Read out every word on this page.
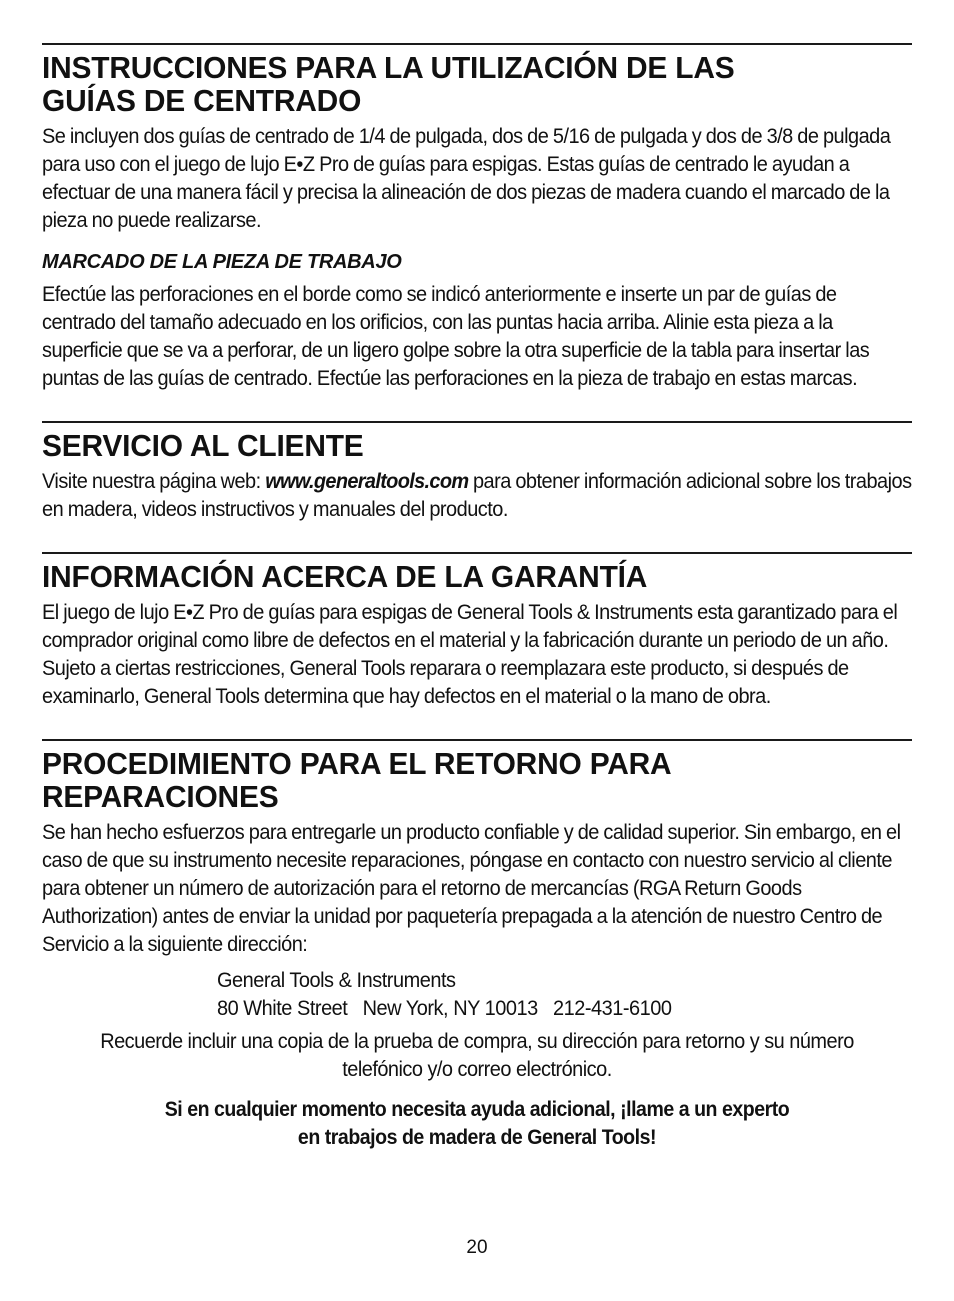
INSTRUCCIONES PARA LA UTILIZACIÓN DE LAS
GUÍAS DE CENTRADO

Se incluyen dos guías de centrado de 1/4 de pulgada, dos de 5/16 de pulgada y dos de 3/8 de pulgada para uso con el juego de lujo E•Z Pro de guías para espigas. Estas guías de centrado le ayudan a efectuar de una manera fácil y precisa la alineación de dos piezas de madera cuando el marcado de la pieza no puede realizarse.

MARCADO DE LA PIEZA DE TRABAJO

Efectúe las perforaciones en el borde como se indicó anteriormente e inserte un par de guías de centrado del tamaño adecuado en los orificios, con las puntas hacia arriba. Alinie esta pieza a la superficie que se va a perforar, de un ligero golpe sobre la otra superficie de la tabla para insertar las puntas de las guías de centrado. Efectúe las perforaciones en la pieza de trabajo en estas marcas.

SERVICIO AL CLIENTE

Visite nuestra página web: www.generaltools.com para obtener información adicional sobre los trabajos en madera, videos instructivos y manuales del producto.

INFORMACIÓN ACERCA DE LA GARANTÍA

El juego de lujo E•Z Pro de guías para espigas de General Tools & Instruments esta garantizado para el comprador original como libre de defectos en el material y la fabricación durante un periodo de un año. Sujeto a ciertas restricciones, General Tools reparara o reemplazara este producto, si después de examinarlo, General Tools determina que hay defectos en el material o la mano de obra.

PROCEDIMIENTO PARA EL RETORNO PARA
REPARACIONES

Se han hecho esfuerzos para entregarle un producto confiable y de calidad superior. Sin embargo, en el caso de que su instrumento necesite reparaciones, póngase en contacto con nuestro servicio al cliente para obtener un número de autorización para el retorno de mercancías (RGA Return Goods Authorization) antes de enviar la unidad por paquetería prepagada a la atención de nuestro Centro de Servicio a la siguiente dirección:

General Tools & Instruments
80 White Street   New York, NY 10013   212-431-6100
Recuerde incluir una copia de la prueba de compra, su dirección para retorno y su número telefónico y/o correo electrónico.
Si en cualquier momento necesita ayuda adicional, ¡llame a un experto
en trabajos de madera de General Tools!
20
